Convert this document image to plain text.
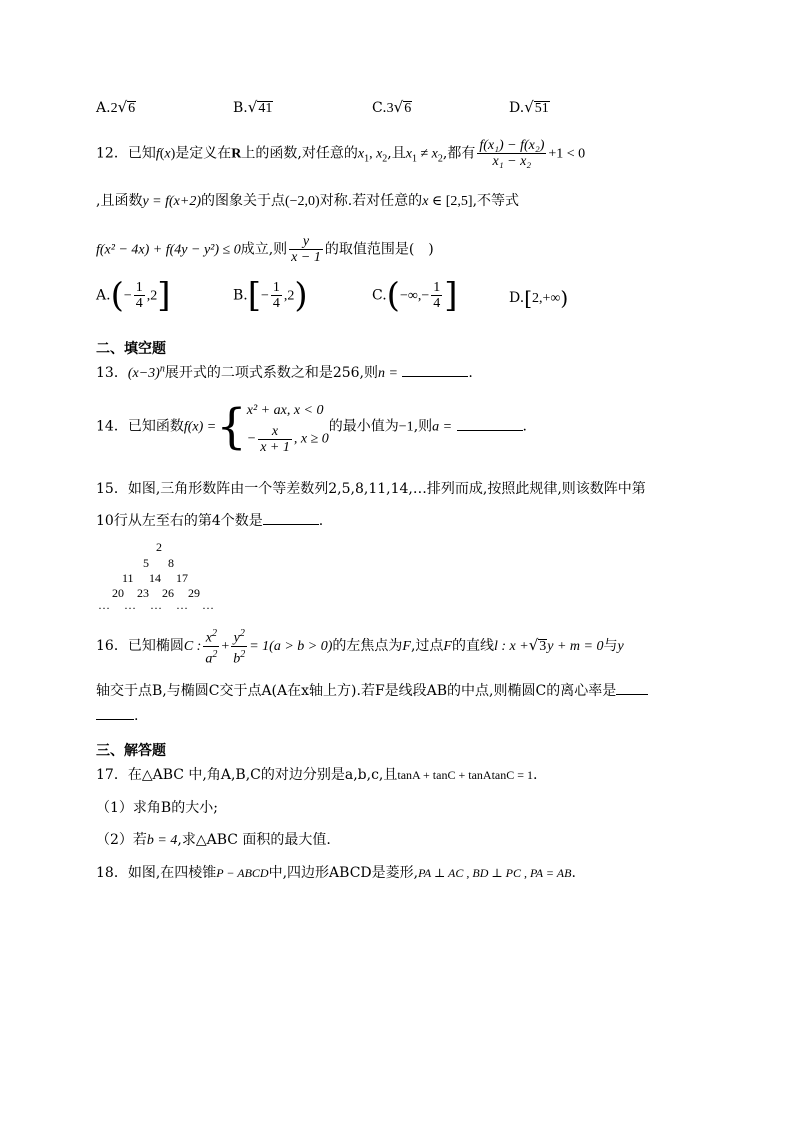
A.2√6	B.√41	C.3√6	D.√51
12．已知f(x)是定义在R上的函数,对任意的$x_1$, $x_2$,且$x_1 \ne x_2$,都有 $\frac{\text{f(x₁) − f(x₂)}}{\text{x₁ − x₂}} +1 < 0$
,且函数y = f(x+2)的图象关于点(−2,0)对称.若对任意的x ∈ [2,5],不等式
f(x² − 4x) + f(4y − y²) ≤ 0成立,则 $\frac{y}{x - 1}$ 的取值范围是(　)
$A.(- \frac{1}{4} ,2]$	$B.[- \frac{1}{4} ,2)$	$C.(-\infty,- \frac{1}{4}$ ]	D.[2,+∞)
二、填空题
13．$(x-3)^n$展开式的二项式系数之和是256,则n =	.
14．已知函数f(x) ={ x² + ax, x < 0
− $\frac{x}{x + 1}$ , x ≥ 0
的最小值为−1,则a =	.
15．如图,三角形数阵由一个等差数列2,5,8,11,14,…排列而成,按照此规律,则该数阵中第
10行从左至右的第4个数是	.
2
5 8
11 14 17
20 23 26 29
… … … … …
16．已知椭圆C : $\frac{x^2}{a^2} + \frac{y^2}{b^2} = 1(a > b > 0)$的左焦点为F,过点F的直线l : x +√3y + m = 0与y
轴交于点B,与椭圆C交于点A(A在x轴上方).若F是线段AB的中点,则椭圆C的离心率是
.
三、解答题
17．在△ABC 中,角A,B,C的对边分别是a,b,c,且tanA + tanC + tanAtanC = 1.
（1）求角B的大小;
（2）若b = 4,求△ABC 面积的最大值.
18．如图,在四棱锥P − ABCD中,四边形ABCD是菱形,PA ⊥ AC , BD ⊥ PC , PA = AB.
